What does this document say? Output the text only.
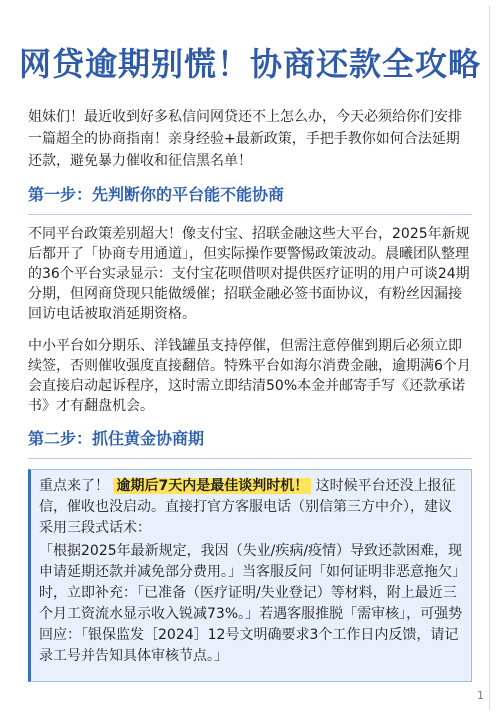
网贷逾期别慌！协商还款全攻略

姐妹们！最近收到好多私信问网贷还不上怎么办，今天必须给你们安排一篇超全的协商指南！亲身经验+最新政策，手把手教你如何合法延期还款，避免暴力催收和征信黑名单！

第一步：先判断你的平台能不能协商

不同平台政策差别超大！像支付宝、招联金融这些大平台，2025年新规后都开了「协商专用通道」，但实际操作要警惕政策波动。晨曦团队整理的36个平台实录显示：支付宝花呗借呗对提供医疗证明的用户可谈24期分期，但网商贷现只能做缓催；招联金融必签书面协议，有粉丝因漏接回访电话被取消延期资格。

中小平台如分期乐、洋钱罐虽支持停催，但需注意停催到期后必须立即续签，否则催收强度直接翻倍。特殊平台如海尔消费金融，逾期满6个月会直接启动起诉程序，这时需立即结清50%本金并邮寄手写《还款承诺书》才有翻盘机会。

第二步：抓住黄金协商期

重点来了！ 逾期后7天内是最佳谈判时机！ 这时候平台还没上报征信，催收也没启动。直接打官方客服电话（别信第三方中介），建议采用三段式话术：

「根据2025年最新规定，我因（失业/疾病/疫情）导致还款困难，现申请延期还款并减免部分费用。」当客服反问「如何证明非恶意拖欠」时，立即补充：「已准备（医疗证明/失业登记）等材料，附上最近三个月工资流水显示收入锐减73%。」若遇客服推脱「需审核」，可强势回应：「银保监发［2024］12号文明确要求3个工作日内反馈，请记录工号并告知具体审核节点。」

1
